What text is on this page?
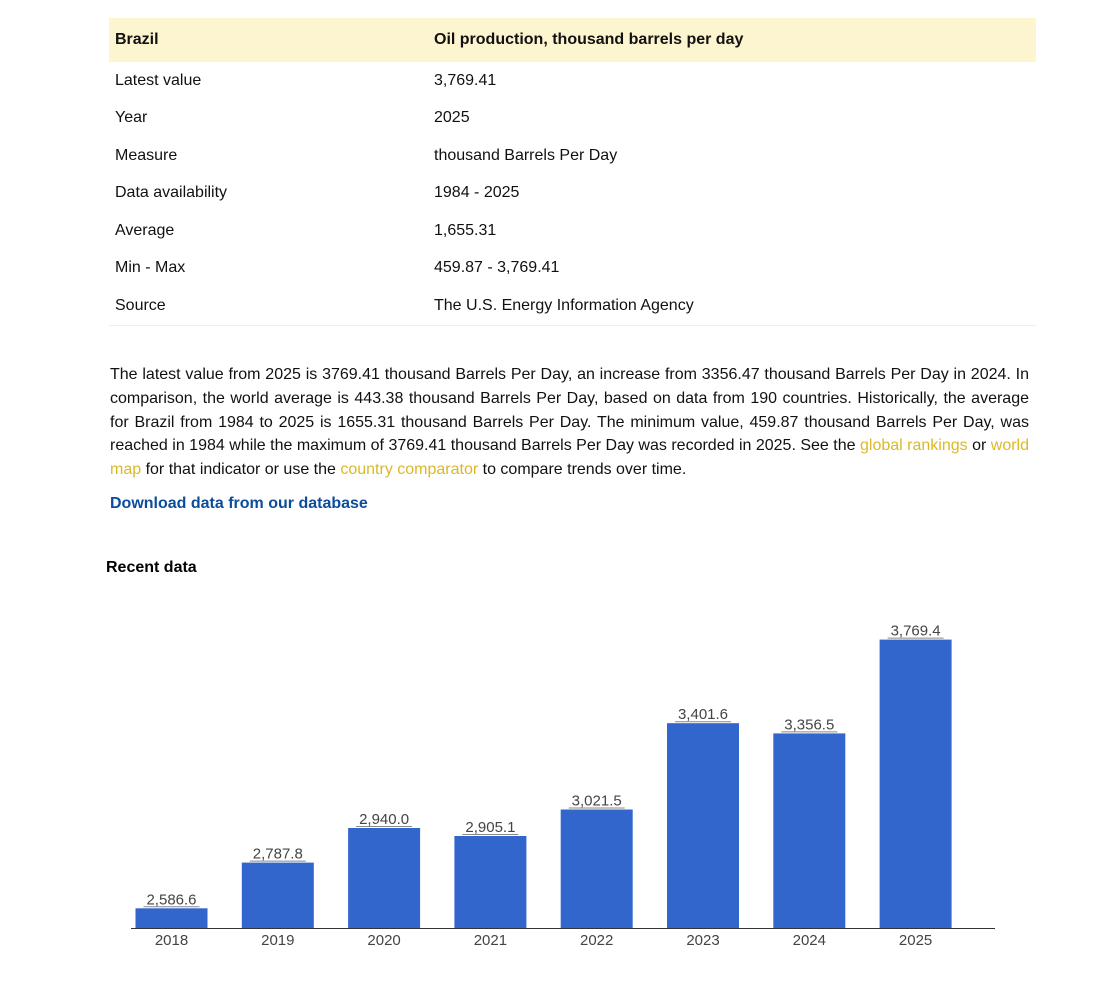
Brazil	Oil production, thousand barrels per day
Latest value	3,769.41
Year	2025
Measure	thousand Barrels Per Day
Data availability	1984 - 2025
Average	1,655.31
Min - Max	459.87 - 3,769.41
Source	The U.S. Energy Information Agency

The latest value from 2025 is 3769.41 thousand Barrels Per Day, an increase from 3356.47 thousand Barrels Per Day in 2024. In comparison, the world average is 443.38 thousand Barrels Per Day, based on data from 190 countries. Historically, the average for Brazil from 1984 to 2025 is 1655.31 thousand Barrels Per Day. The minimum value, 459.87 thousand Barrels Per Day, was reached in 1984 while the maximum of 3769.41 thousand Barrels Per Day was recorded in 2025. See the global rankings or world map for that indicator or use the country comparator to compare trends over time.

Download data from our database
Recent data
2,586.6
2018
2,787.8
2019
2,940.0
2020
2,905.1
2021
3,021.5
2022
3,401.6
2023
3,356.5
2024
3,769.4
2025
